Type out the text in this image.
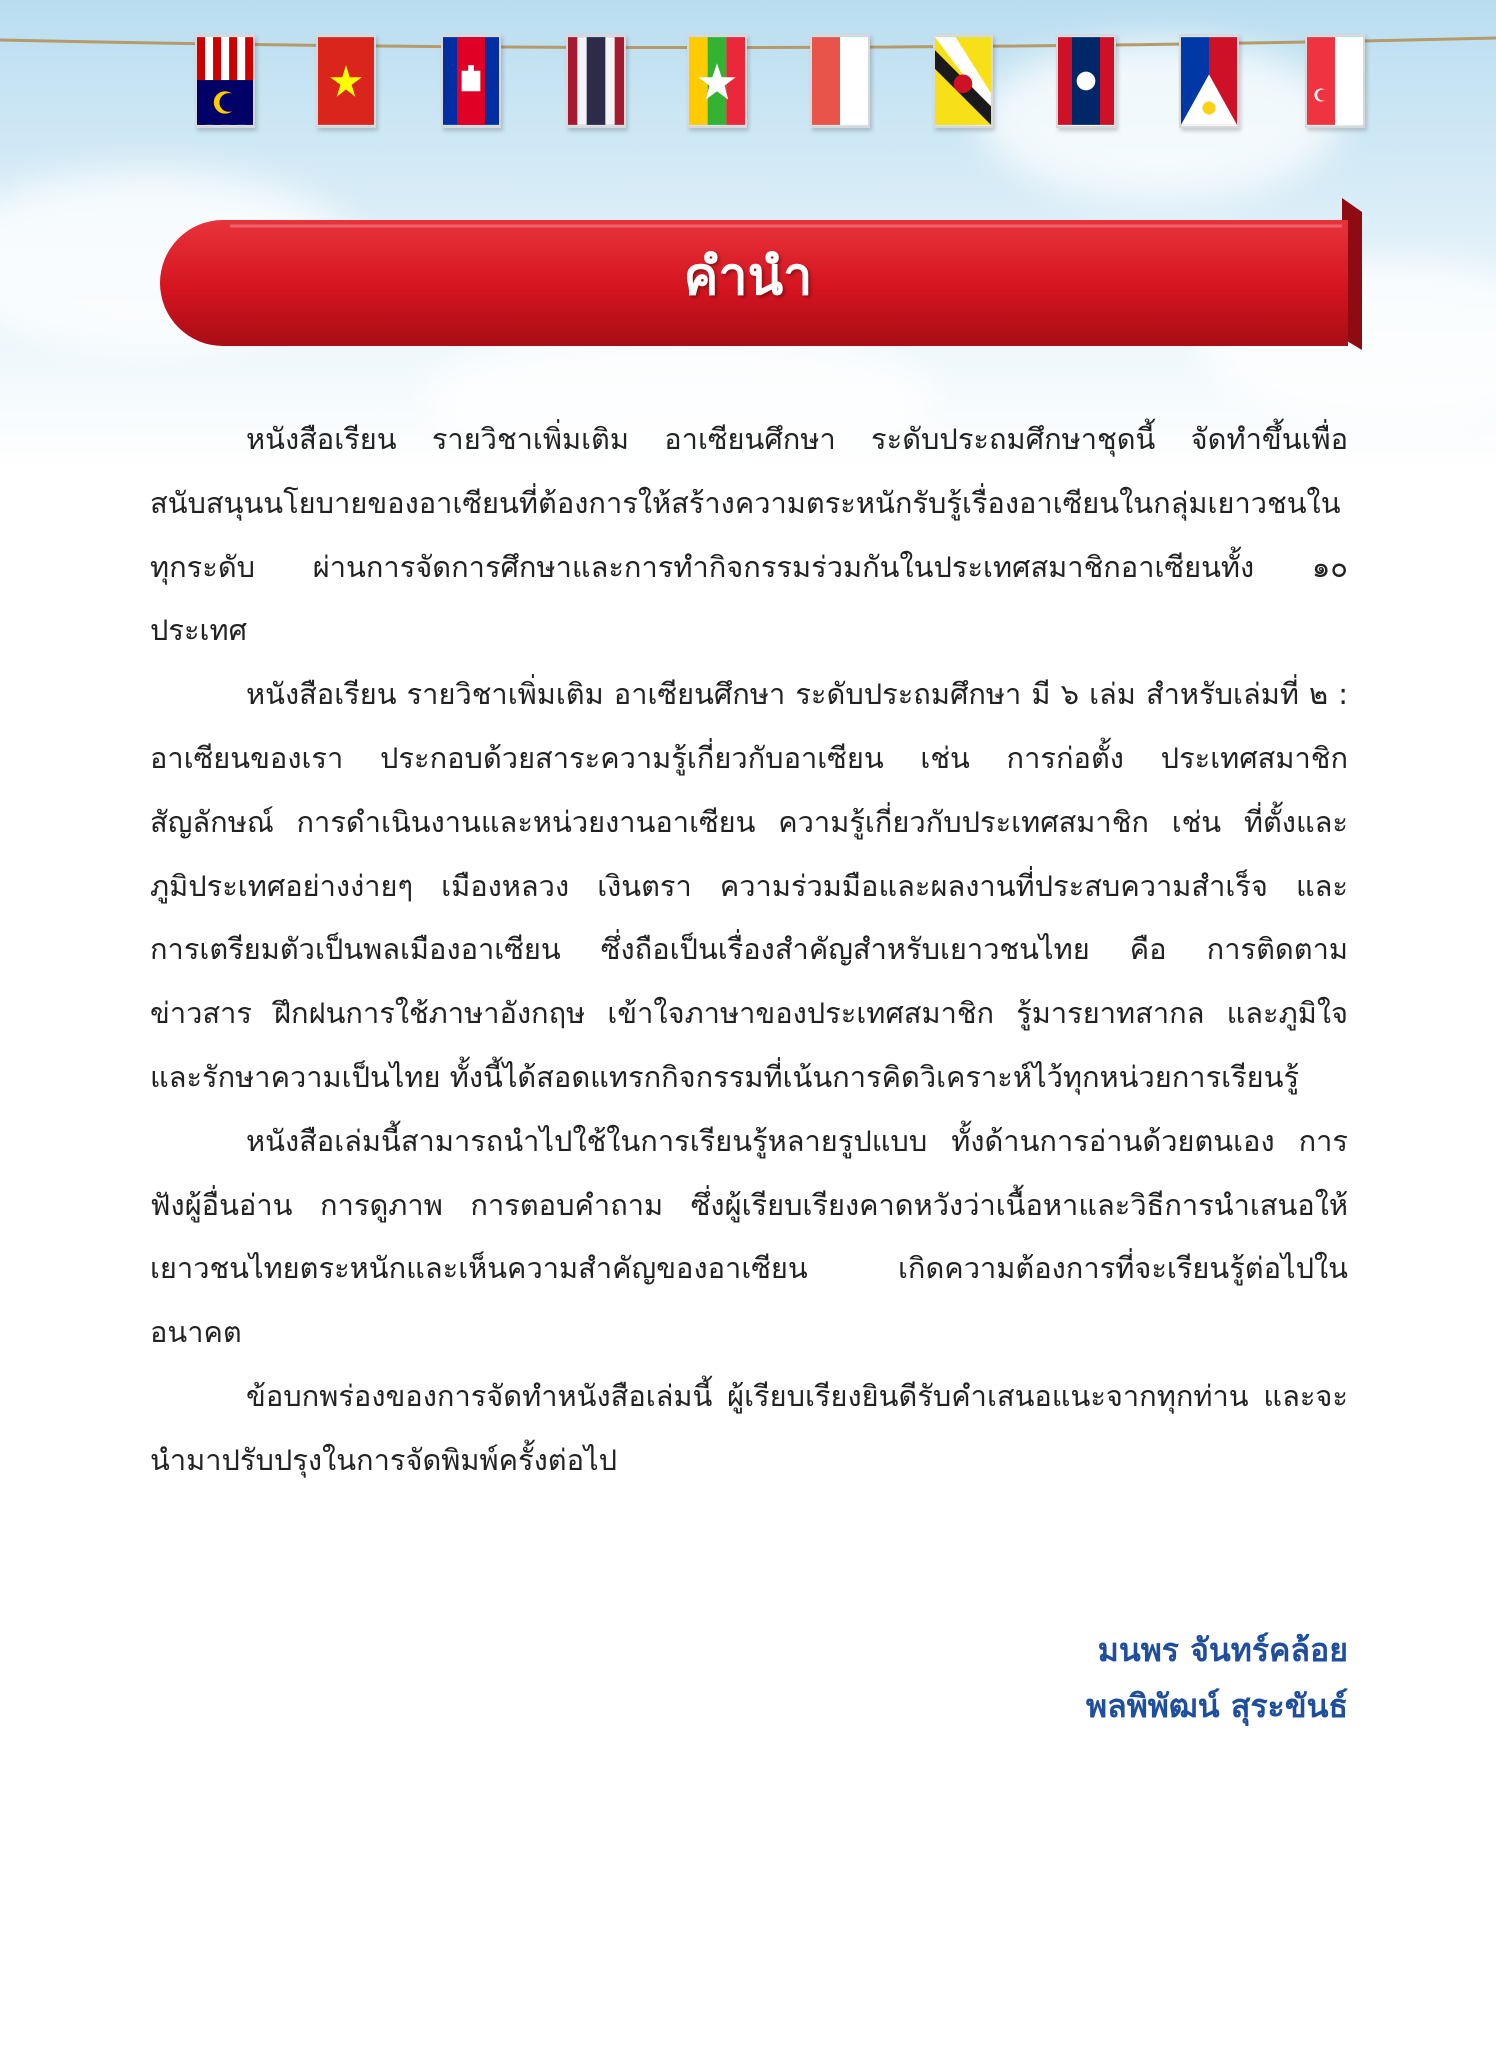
คำนำ

หนังสือเรียน รายวิชาเพิ่มเติม อาเซียนศึกษา ระดับประถมศึกษาชุดนี้ จัดทำขึ้นเพื่อสนับสนุนนโยบายของอาเซียนที่ต้องการให้สร้างความตระหนักรับรู้เรื่องอาเซียนในกลุ่มเยาวชนในทุกระดับ ผ่านการจัดการศึกษาและการทำกิจกรรมร่วมกันในประเทศสมาชิกอาเซียนทั้ง ๑๐ ประเทศ

หนังสือเรียน รายวิชาเพิ่มเติม อาเซียนศึกษา ระดับประถมศึกษา มี ๖ เล่ม สำหรับเล่มที่ ๒ : อาเซียนของเรา ประกอบด้วยสาระความรู้เกี่ยวกับอาเซียน เช่น การก่อตั้ง ประเทศสมาชิก สัญลักษณ์ การดำเนินงานและหน่วยงานอาเซียน ความรู้เกี่ยวกับประเทศสมาชิก เช่น ที่ตั้งและภูมิประเทศอย่างง่ายๆ เมืองหลวง เงินตรา ความร่วมมือและผลงานที่ประสบความสำเร็จ และการเตรียมตัวเป็นพลเมืองอาเซียน ซึ่งถือเป็นเรื่องสำคัญสำหรับเยาวชนไทย คือ การติดตามข่าวสาร ฝึกฝนการใช้ภาษาอังกฤษ เข้าใจภาษาของประเทศสมาชิก รู้มารยาทสากล และภูมิใจและรักษาความเป็นไทย ทั้งนี้ได้สอดแทรกกิจกรรมที่เน้นการคิดวิเคราะห์ไว้ทุกหน่วยการเรียนรู้

หนังสือเล่มนี้สามารถนำไปใช้ในการเรียนรู้หลายรูปแบบ ทั้งด้านการอ่านด้วยตนเอง การฟังผู้อื่นอ่าน การดูภาพ การตอบคำถาม ซึ่งผู้เรียบเรียงคาดหวังว่าเนื้อหาและวิธีการนำเสนอให้เยาวชนไทยตระหนักและเห็นความสำคัญของอาเซียน เกิดความต้องการที่จะเรียนรู้ต่อไปในอนาคต

ข้อบกพร่องของการจัดทำหนังสือเล่มนี้ ผู้เรียบเรียงยินดีรับคำเสนอแนะจากทุกท่าน และจะนำมาปรับปรุงในการจัดพิมพ์ครั้งต่อไป

มนพร จันทร์คล้อย
พลพิพัฒน์ สุระขันธ์
